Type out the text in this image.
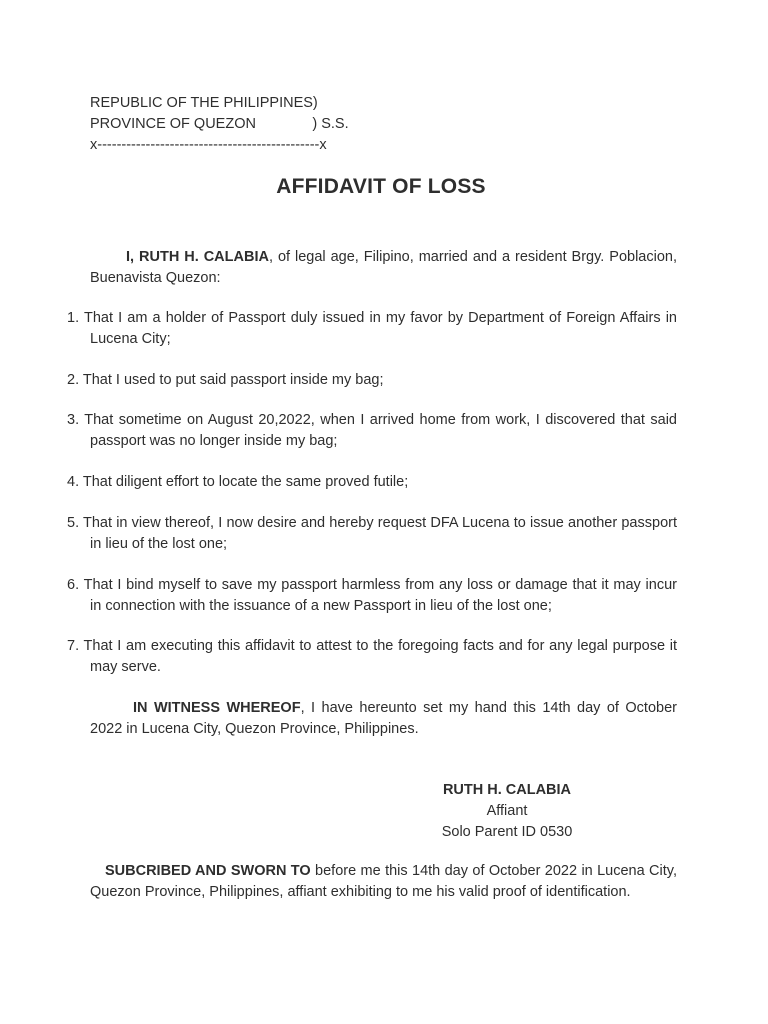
REPUBLIC OF THE PHILIPPINES)
PROVINCE OF QUEZON              ) S.S.
x----------------------------------------------x
AFFIDAVIT OF LOSS
I, RUTH H. CALABIA, of legal age, Filipino, married and a resident Brgy. Poblacion, Buenavista Quezon:
1. That I am a holder of Passport duly issued in my favor by Department of Foreign Affairs in Lucena City;
2. That I used to put said passport inside my bag;
3. That sometime on August 20,2022, when I arrived home from work, I discovered that said passport was no longer inside my bag;
4. That diligent effort to locate the same proved futile;
5. That in view thereof, I now desire and hereby request DFA Lucena to issue another passport in lieu of the lost one;
6. That I bind myself to save my passport harmless from any loss or damage that it may incur in connection with the issuance of a new Passport in lieu of the lost one;
7. That I am executing this affidavit to attest to the foregoing facts and for any legal purpose it may serve.
IN WITNESS WHEREOF, I have hereunto set my hand this 14th day of October 2022 in Lucena City, Quezon Province, Philippines.
RUTH H. CALABIA
Affiant
Solo Parent ID 0530
SUBCRIBED AND SWORN TO before me this 14th day of October 2022 in Lucena City, Quezon Province, Philippines, affiant exhibiting to me his valid proof of identification.
